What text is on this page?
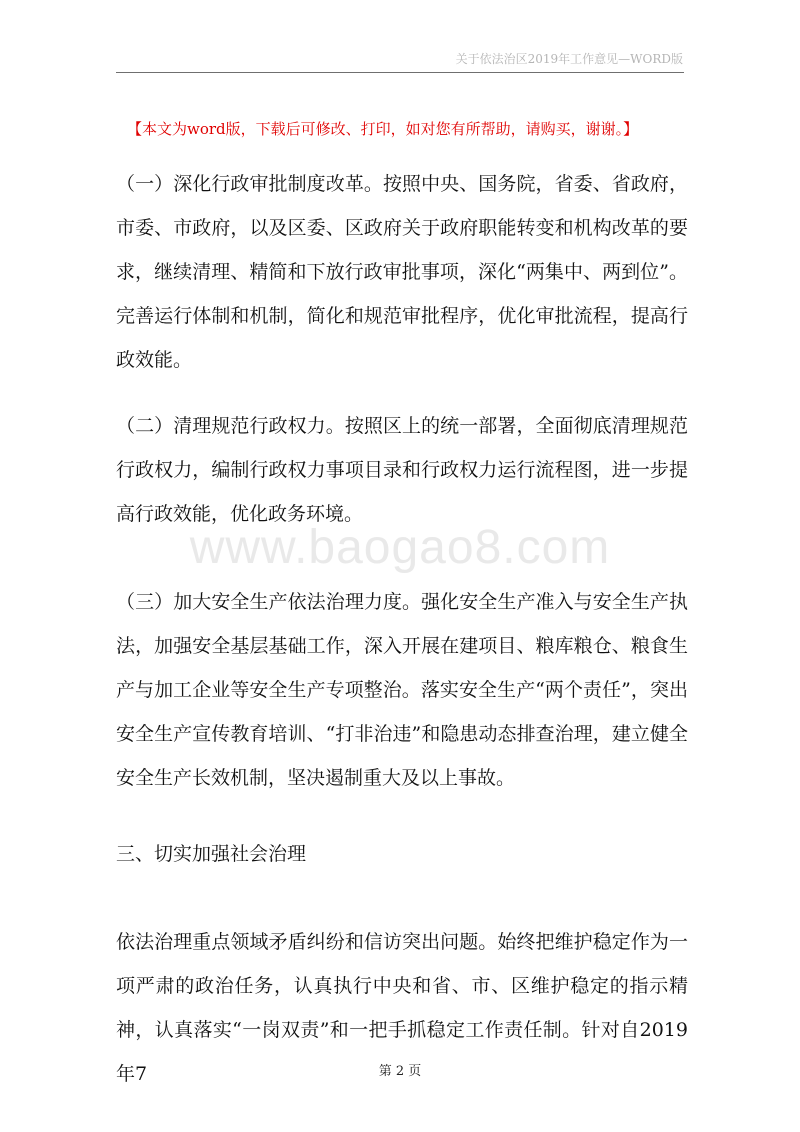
关于依法治区2019年工作意见—WORD版
【本文为word版，下载后可修改、打印，如对您有所帮助，请购买，谢谢。】
www.baogao8.com
（一）深化行政审批制度改革。按照中央、国务院，省委、省政府，市委、市政府，以及区委、区政府关于政府职能转变和机构改革的要求，继续清理、精简和下放行政审批事项，深化“两集中、两到位”。完善运行体制和机制，简化和规范审批程序，优化审批流程，提高行政效能。
（二）清理规范行政权力。按照区上的统一部署，全面彻底清理规范行政权力，编制行政权力事项目录和行政权力运行流程图，进一步提高行政效能，优化政务环境。
（三）加大安全生产依法治理力度。强化安全生产准入与安全生产执法，加强安全基层基础工作，深入开展在建项目、粮库粮仓、粮食生产与加工企业等安全生产专项整治。落实安全生产“两个责任”，突出安全生产宣传教育培训、“打非治违”和隐患动态排查治理，建立健全安全生产长效机制，坚决遏制重大及以上事故。
三、切实加强社会治理
依法治理重点领域矛盾纠纷和信访突出问题。始终把维护稳定作为一项严肃的政治任务，认真执行中央和省、市、区维护稳定的指示精神，认真落实“一岗双责”和一把手抓稳定工作责任制。针对自2019年7	第 2 页
